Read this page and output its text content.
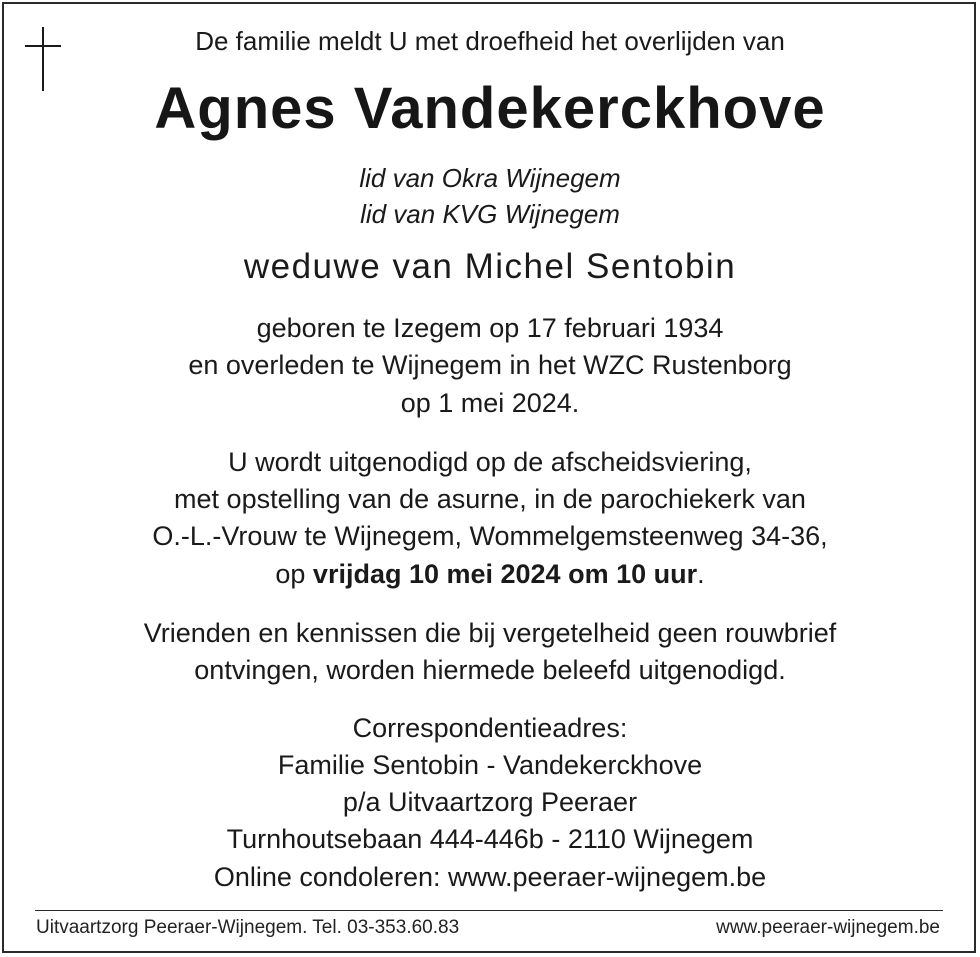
De familie meldt U met droefheid het overlijden van
Agnes Vandekerckhove
lid van Okra Wijnegem
lid van KVG Wijnegem
weduwe van Michel Sentobin
geboren te Izegem op 17 februari 1934
en overleden te Wijnegem in het WZC Rustenborg
op 1 mei 2024.
U wordt uitgenodigd op de afscheidsviering,
met opstelling van de asurne, in de parochiekerk van
O.-L.-Vrouw te Wijnegem, Wommelgemsteenweg 34-36,
op vrijdag 10 mei 2024 om 10 uur.
Vrienden en kennissen die bij vergetelheid geen rouwbrief
ontvingen, worden hiermede beleefd uitgenodigd.
Correspondentieadres:
Familie Sentobin - Vandekerckhove
p/a Uitvaartzorg Peeraer
Turnhoutsebaan 444-446b - 2110 Wijnegem
Online condoleren: www.peeraer-wijnegem.be
Uitvaartzorg Peeraer-Wijnegem. Tel. 03-353.60.83	www.peeraer-wijnegem.be
